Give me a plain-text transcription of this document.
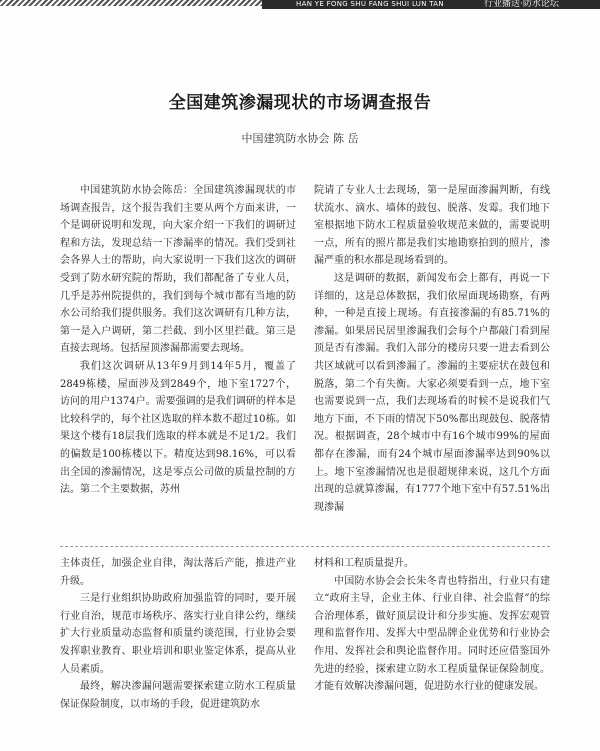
HAN YE FONG SHU FANG SHUI LUN TAN	行业播送·防水论坛
全国建筑渗漏现状的市场调查报告
中国建筑防水协会 陈 岳

中国建筑防水协会陈岳：全国建筑渗漏现状的市场调查报告，这个报告我们主要从两个方面来讲，一个是调研说明和发现，向大家介绍一下我们的调研过程和方法，发现总结一下渗漏率的情况。我们受到社会各界人士的帮助，向大家说明一下我们这次的调研受到了防水研究院的帮助，我们都配备了专业人员，几乎是苏州院提供的，我们到每个城市都有当地的防水公司给我们提供服务。我们这次调研有几种方法，第一是入户调研，第二拦截、到小区里拦截。第三是直接去现场。包括屋顶渗漏都需要去现场。

我们这次调研从13年9月到14年5月，覆盖了2849栋楼，屋面涉及到2849个，地下室1727个，访问的用户1374户。需要强调的是我们调研的样本是比较科学的，每个社区选取的样本数不超过10栋。如果这个楼有18层我们选取的样本就是不足1/2。我们的偏数是100栋楼以下。精度达到98.16%，可以看出全国的渗漏情况，这是零点公司做的质量控制的方法。第二个主要数据，苏州

院请了专业人士去现场，第一是屋面渗漏判断，有线状流水、滴水、墙体的鼓包、脱落、发霉。我们地下室根据地下防水工程质量验收规范来做的，需要说明一点，所有的照片都是我们实地勘察拍到的照片，渗漏严重的积水都是现场看到的。

这是调研的数据，新闻发布会上都有，再说一下详细的，这是总体数据，我们依屋面现场勘察，有两种，一种是直接上现场。有直接渗漏的有85.71%的渗漏。如果居民居里渗漏我们会每个户都敲门看到屋顶是否有渗漏。我们入部分的楼房只要一进去看到公共区域就可以看到渗漏了。渗漏的主要症状在鼓包和脱落，第二个有失衡。大家必须要看到一点，地下室也需要说到一点，我们去现场看的时候不是说我们气地方下面，不下雨的情况下50%都出现鼓包、脱落情况。根据调查，28个城市中有16个城市99%的屋面都存在渗漏，而有24个城市屋面渗漏率达到90%以上。地下室渗漏情况也是很超规律来说，这几个方面出现的总就算渗漏，有1777个地下室中有57.51%出现渗漏

主体责任，加强企业自律，淘汰落后产能，推进产业升级。

三是行业组织协助政府加强监管的同时，要开展行业自治，规范市场秩序、落实行业自律公约，继续扩大行业质量动态监督和质量约谈范围，行业协会要发挥职业教育、职业培训和职业鉴定体系，提高从业人员素质。

最终，解决渗漏问题需要探索建立防水工程质量保证保险制度，以市场的手段，促进建筑防水

材料和工程质量提升。

中国防水协会会长朱冬青也特指出，行业只有建立“政府主导，企业主体、行业自律、社会监督”的综合治理体系，做好顶层设计和分步实施、发挥宏观管理和监督作用、发挥大中型品牌企业优势和行业协会作用、发挥社会和舆论监督作用。同时还应借鉴国外先进的经验，探索建立防水工程质量保证保险制度。才能有效解决渗漏问题，促进防水行业的健康发展。
